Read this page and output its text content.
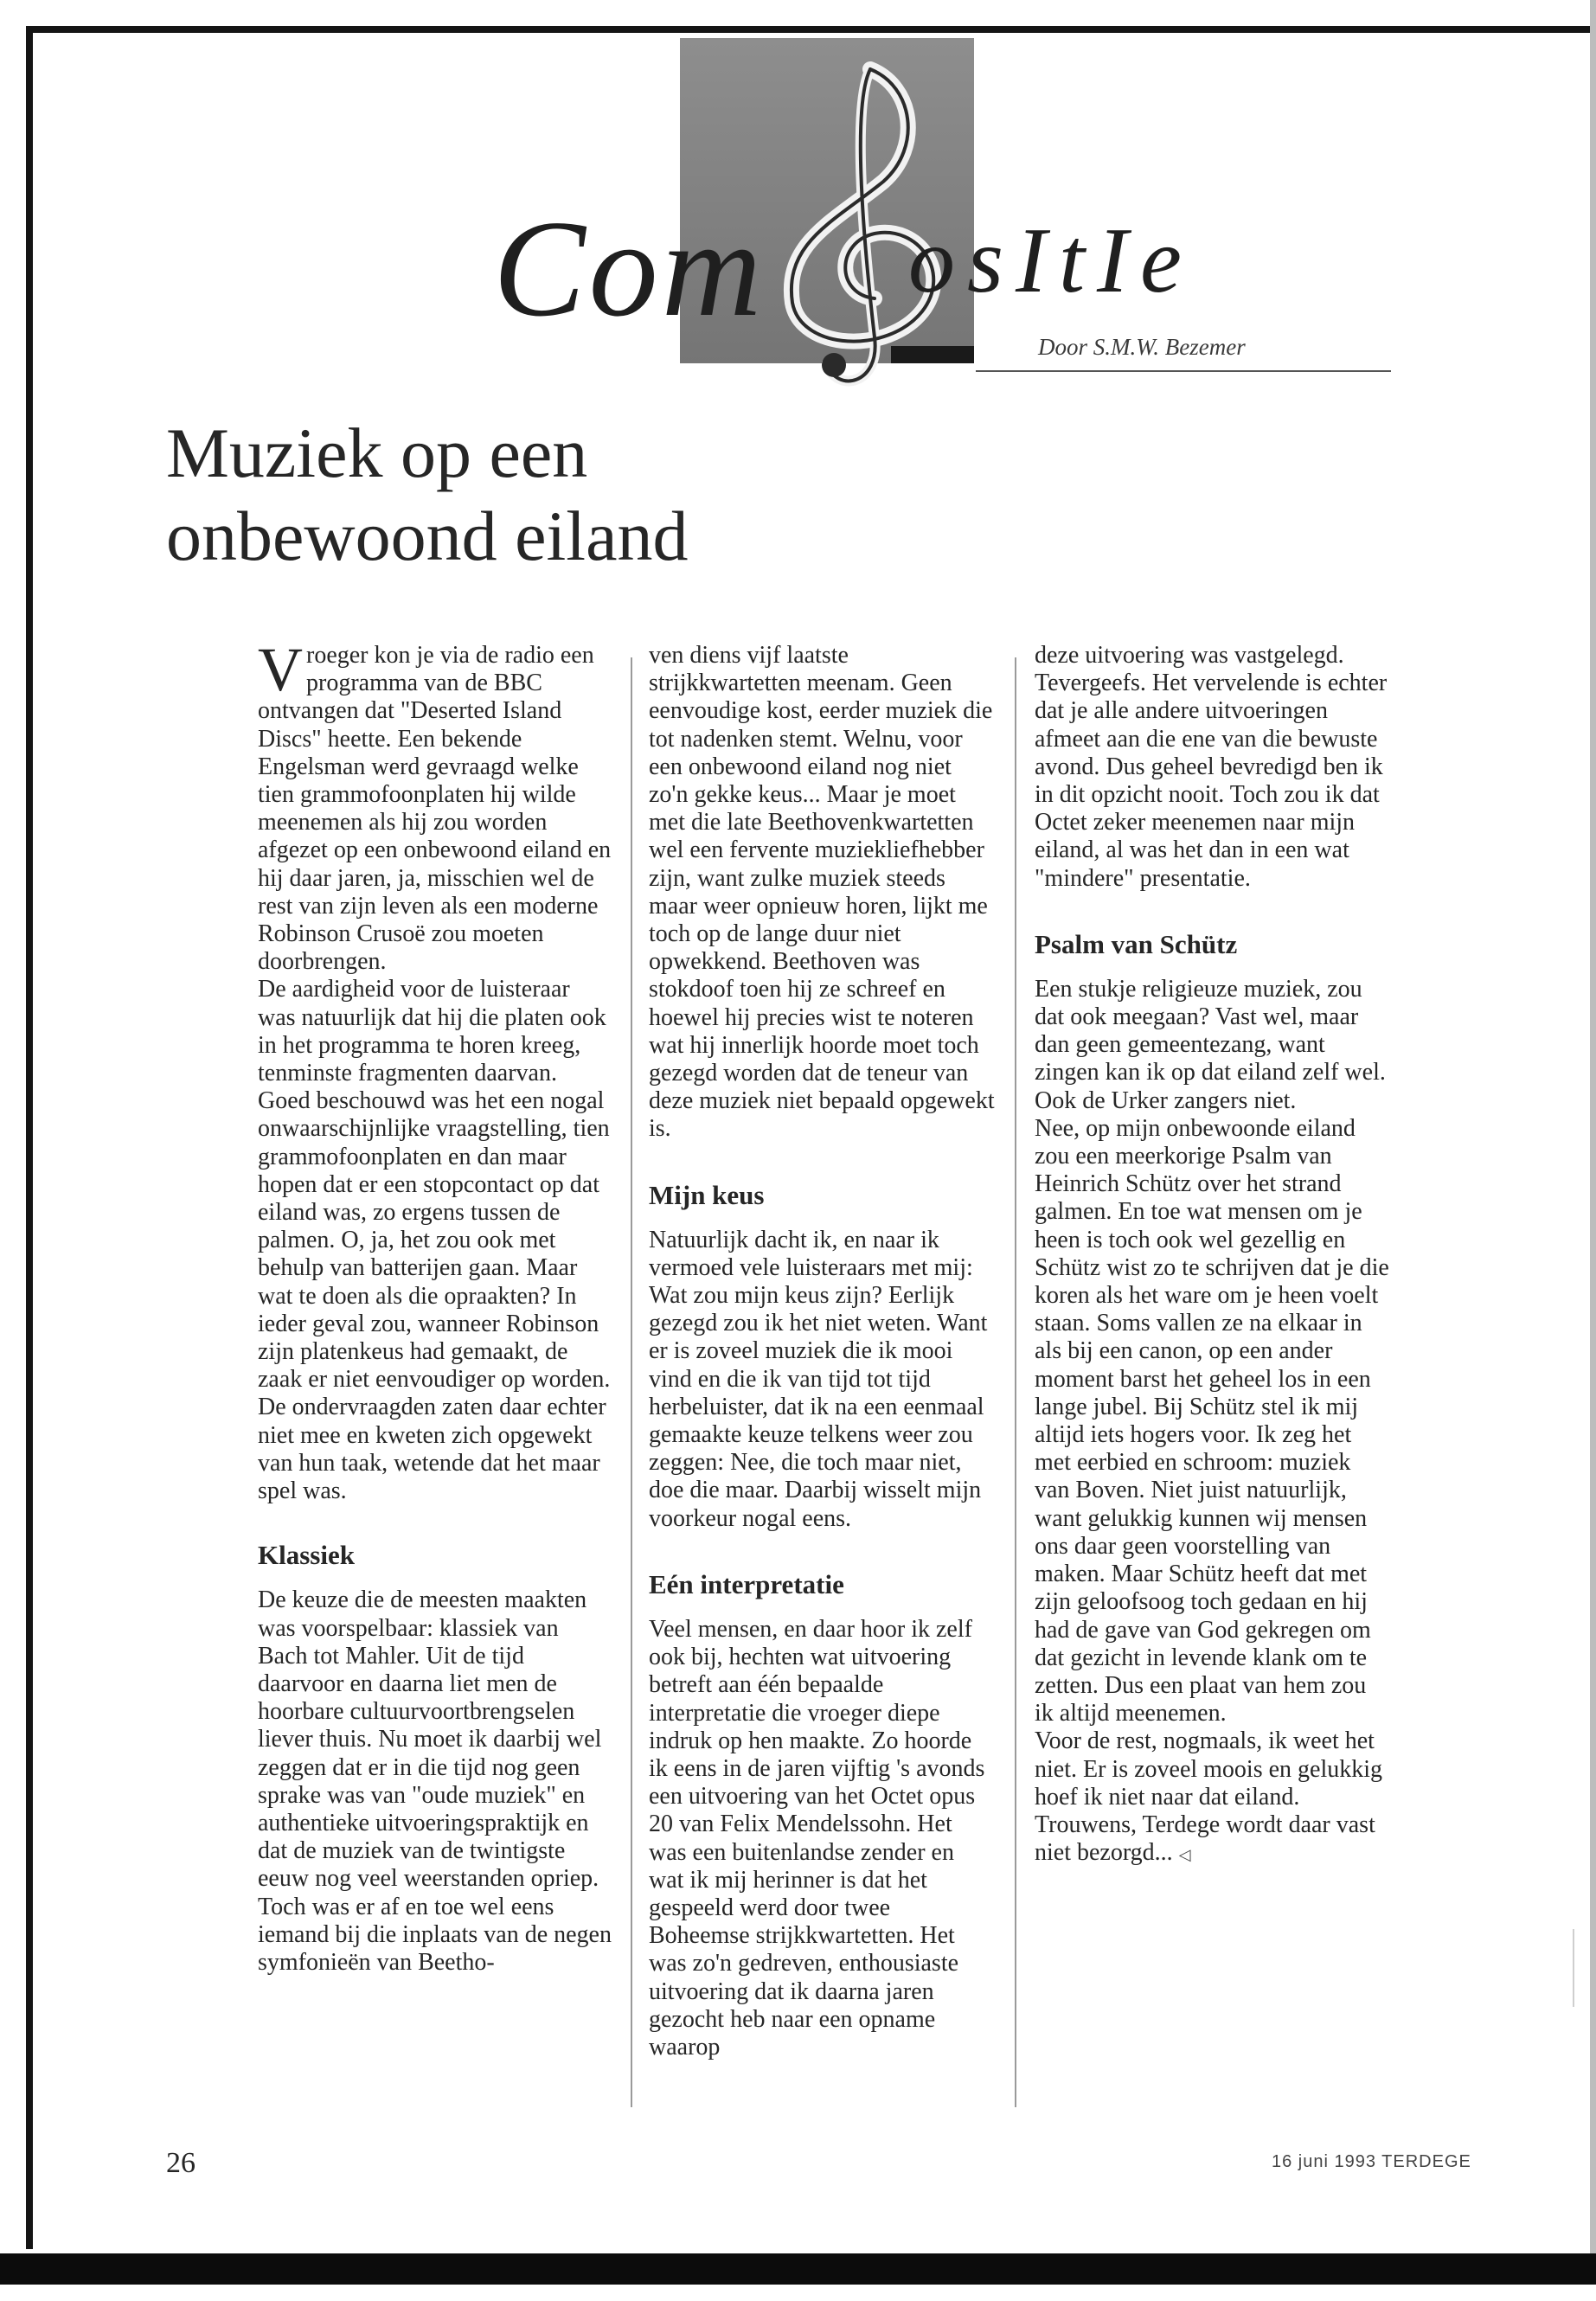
Com osItIe
Door S.M.W. Bezemer
Muziek op een onbewoond eiland

Vroeger kon je via de radio een programma van de BBC ontvangen dat "Deserted Island Discs" heette. Een bekende Engelsman werd gevraagd welke tien grammofoonplaten hij wilde meenemen als hij zou worden afgezet op een onbewoond eiland en hij daar jaren, ja, misschien wel de rest van zijn leven als een moderne Robinson Crusoë zou moeten doorbrengen.

De aardigheid voor de luisteraar was natuurlijk dat hij die platen ook in het programma te horen kreeg, tenminste fragmenten daarvan.

Goed beschouwd was het een nogal onwaarschijnlijke vraagstelling, tien grammofoonplaten en dan maar hopen dat er een stopcontact op dat eiland was, zo ergens tussen de palmen. O, ja, het zou ook met behulp van batterijen gaan. Maar wat te doen als die opraakten? In ieder geval zou, wanneer Robinson zijn platenkeus had gemaakt, de zaak er niet eenvoudiger op worden.

De ondervraagden zaten daar echter niet mee en kweten zich opgewekt van hun taak, wetende dat het maar spel was.

Klassiek

De keuze die de meesten maakten was voorspelbaar: klassiek van Bach tot Mahler. Uit de tijd daarvoor en daarna liet men de hoorbare cultuurvoortbrengselen liever thuis. Nu moet ik daarbij wel zeggen dat er in die tijd nog geen sprake was van "oude muziek" en authentieke uitvoeringspraktijk en dat de muziek van de twintigste eeuw nog veel weerstanden opriep.

Toch was er af en toe wel eens iemand bij die inplaats van de negen symfonieën van Beetho-

ven diens vijf laatste strijkkwartetten meenam. Geen eenvoudige kost, eerder muziek die tot nadenken stemt. Welnu, voor een onbewoond eiland nog niet zo'n gekke keus... Maar je moet met die late Beethovenkwartetten wel een fervente muziekliefhebber zijn, want zulke muziek steeds maar weer opnieuw horen, lijkt me toch op de lange duur niet opwekkend. Beethoven was stokdoof toen hij ze schreef en hoewel hij precies wist te noteren wat hij innerlijk hoorde moet toch gezegd worden dat de teneur van deze muziek niet bepaald opgewekt is.

Mijn keus

Natuurlijk dacht ik, en naar ik vermoed vele luisteraars met mij: Wat zou mijn keus zijn? Eerlijk gezegd zou ik het niet weten. Want er is zoveel muziek die ik mooi vind en die ik van tijd tot tijd herbeluister, dat ik na een eenmaal gemaakte keuze telkens weer zou zeggen: Nee, die toch maar niet, doe die maar. Daarbij wisselt mijn voorkeur nogal eens.

Eén interpretatie

Veel mensen, en daar hoor ik zelf ook bij, hechten wat uitvoering betreft aan één bepaalde interpretatie die vroeger diepe indruk op hen maakte. Zo hoorde ik eens in de jaren vijftig 's avonds een uitvoering van het Octet opus 20 van Felix Mendelssohn. Het was een buitenlandse zender en wat ik mij herinner is dat het gespeeld werd door twee Boheemse strijkkwartetten. Het was zo'n gedreven, enthousiaste uitvoering dat ik daarna jaren gezocht heb naar een opname waarop

deze uitvoering was vastgelegd. Tevergeefs. Het vervelende is echter dat je alle andere uitvoeringen afmeet aan die ene van die bewuste avond. Dus geheel bevredigd ben ik in dit opzicht nooit. Toch zou ik dat Octet zeker meenemen naar mijn eiland, al was het dan in een wat "mindere" presentatie.

Psalm van Schütz

Een stukje religieuze muziek, zou dat ook meegaan? Vast wel, maar dan geen gemeentezang, want zingen kan ik op dat eiland zelf wel. Ook de Urker zangers niet.

Nee, op mijn onbewoonde eiland zou een meerkorige Psalm van Heinrich Schütz over het strand galmen. En toe wat mensen om je heen is toch ook wel gezellig en Schütz wist zo te schrijven dat je die koren als het ware om je heen voelt staan. Soms vallen ze na elkaar in als bij een canon, op een ander moment barst het geheel los in een lange jubel. Bij Schütz stel ik mij altijd iets hogers voor. Ik zeg het met eerbied en schroom: muziek van Boven. Niet juist natuurlijk, want gelukkig kunnen wij mensen ons daar geen voorstelling van maken. Maar Schütz heeft dat met zijn geloofsoog toch gedaan en hij had de gave van God gekregen om dat gezicht in levende klank om te zetten. Dus een plaat van hem zou ik altijd meenemen.

Voor de rest, nogmaals, ik weet het niet. Er is zoveel moois en gelukkig hoef ik niet naar dat eiland. Trouwens, Terdege wordt daar vast niet bezorgd... ◁

26	16 juni 1993 TERDEGE
